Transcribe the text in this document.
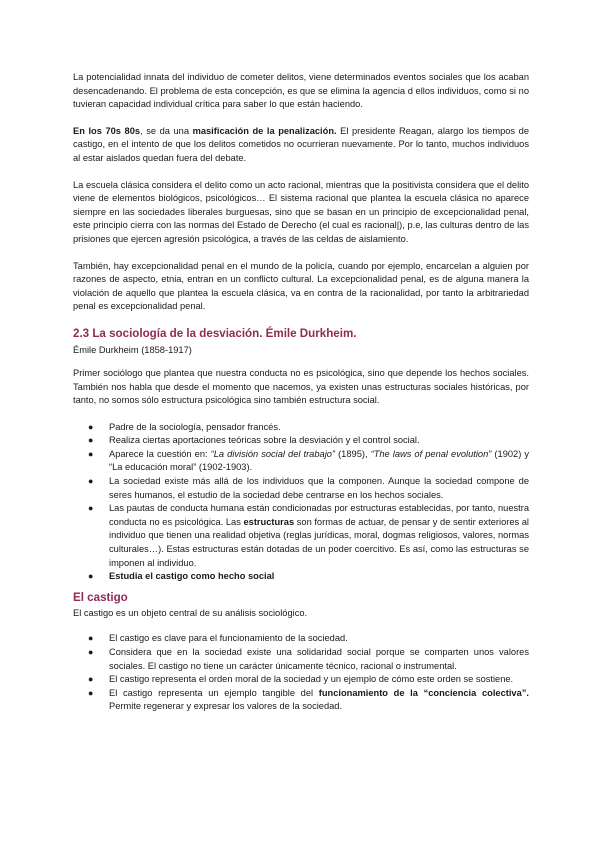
La potencialidad innata del individuo de cometer delitos, viene determinados eventos sociales que los acaban desencadenando. El problema de esta concepción, es que se elimina la agencia d ellos individuos, como si no tuvieran capacidad individual crítica para saber lo que están haciendo.

En los 70s 80s, se da una masificación de la penalización. El presidente Reagan, alargo los tiempos de castigo, en el intento de que los delitos cometidos no ocurrieran nuevamente. Por lo tanto, muchos individuos al estar aislados quedan fuera del debate.

La escuela clásica considera el delito como un acto racional, mientras que la positivista considera que el delito viene de elementos biológicos, psicológicos… El sistema racional que plantea la escuela clásica no aparece siempre en las sociedades liberales burguesas, sino que se basan en un principio de excepcionalidad penal, este principio cierra con las normas del Estado de Derecho (el cual es racional|), p.e, las culturas dentro de las prisiones que ejercen agresión psicológica, a través de las celdas de aislamiento.

También, hay excepcionalidad penal en el mundo de la policía, cuando por ejemplo, encarcelan a alguien por razones de aspecto, etnia, entran en un conflicto cultural. La excepcionalidad penal, es de alguna manera la violación de aquello que plantea la escuela clásica, va en contra de la racionalidad, por tanto la arbitrariedad penal es excepcionalidad penal.

2.3 La sociología de la desviación. Émile Durkheim.
Émile Durkheim (1858-1917)

Primer sociólogo que plantea que nuestra conducta no es psicológica, sino que depende los hechos sociales. También nos habla que desde el momento que nacemos, ya existen unas estructuras sociales históricas, por tanto, no somos sólo estructura psicológica sino también estructura social.

● Padre de la sociología, pensador francés.
● Realiza ciertas aportaciones teóricas sobre la desviación y el control social.
● Aparece la cuestión en: “La división social del trabajo” (1895), “The laws of penal evolution” (1902) y “La educación moral” (1902-1903).
● La sociedad existe más allá de los individuos que la componen. Aunque la sociedad compone de seres humanos, el estudio de la sociedad debe centrarse en los hechos sociales.
● Las pautas de conducta humana están condicionadas por estructuras establecidas, por tanto, nuestra conducta no es psicológica. Las estructuras son formas de actuar, de pensar y de sentir exteriores al individuo que tienen una realidad objetiva (reglas jurídicas, moral, dogmas religiosos, valores, normas culturales…). Estas estructuras están dotadas de un poder coercitivo. Es así, como las estructuras se imponen al individuo.
● Estudia el castigo como hecho social
El castigo

El castigo es un objeto central de su análisis sociológico.

● El castigo es clave para el funcionamiento de la sociedad.
● Considera que en la sociedad existe una solidaridad social porque se comparten unos valores sociales. El castigo no tiene un carácter únicamente técnico, racional o instrumental.
● El castigo representa el orden moral de la sociedad y un ejemplo de cómo este orden se sostiene.
● El castigo representa un ejemplo tangible del funcionamiento de la “conciencia colectiva”. Permite regenerar y expresar los valores de la sociedad.
